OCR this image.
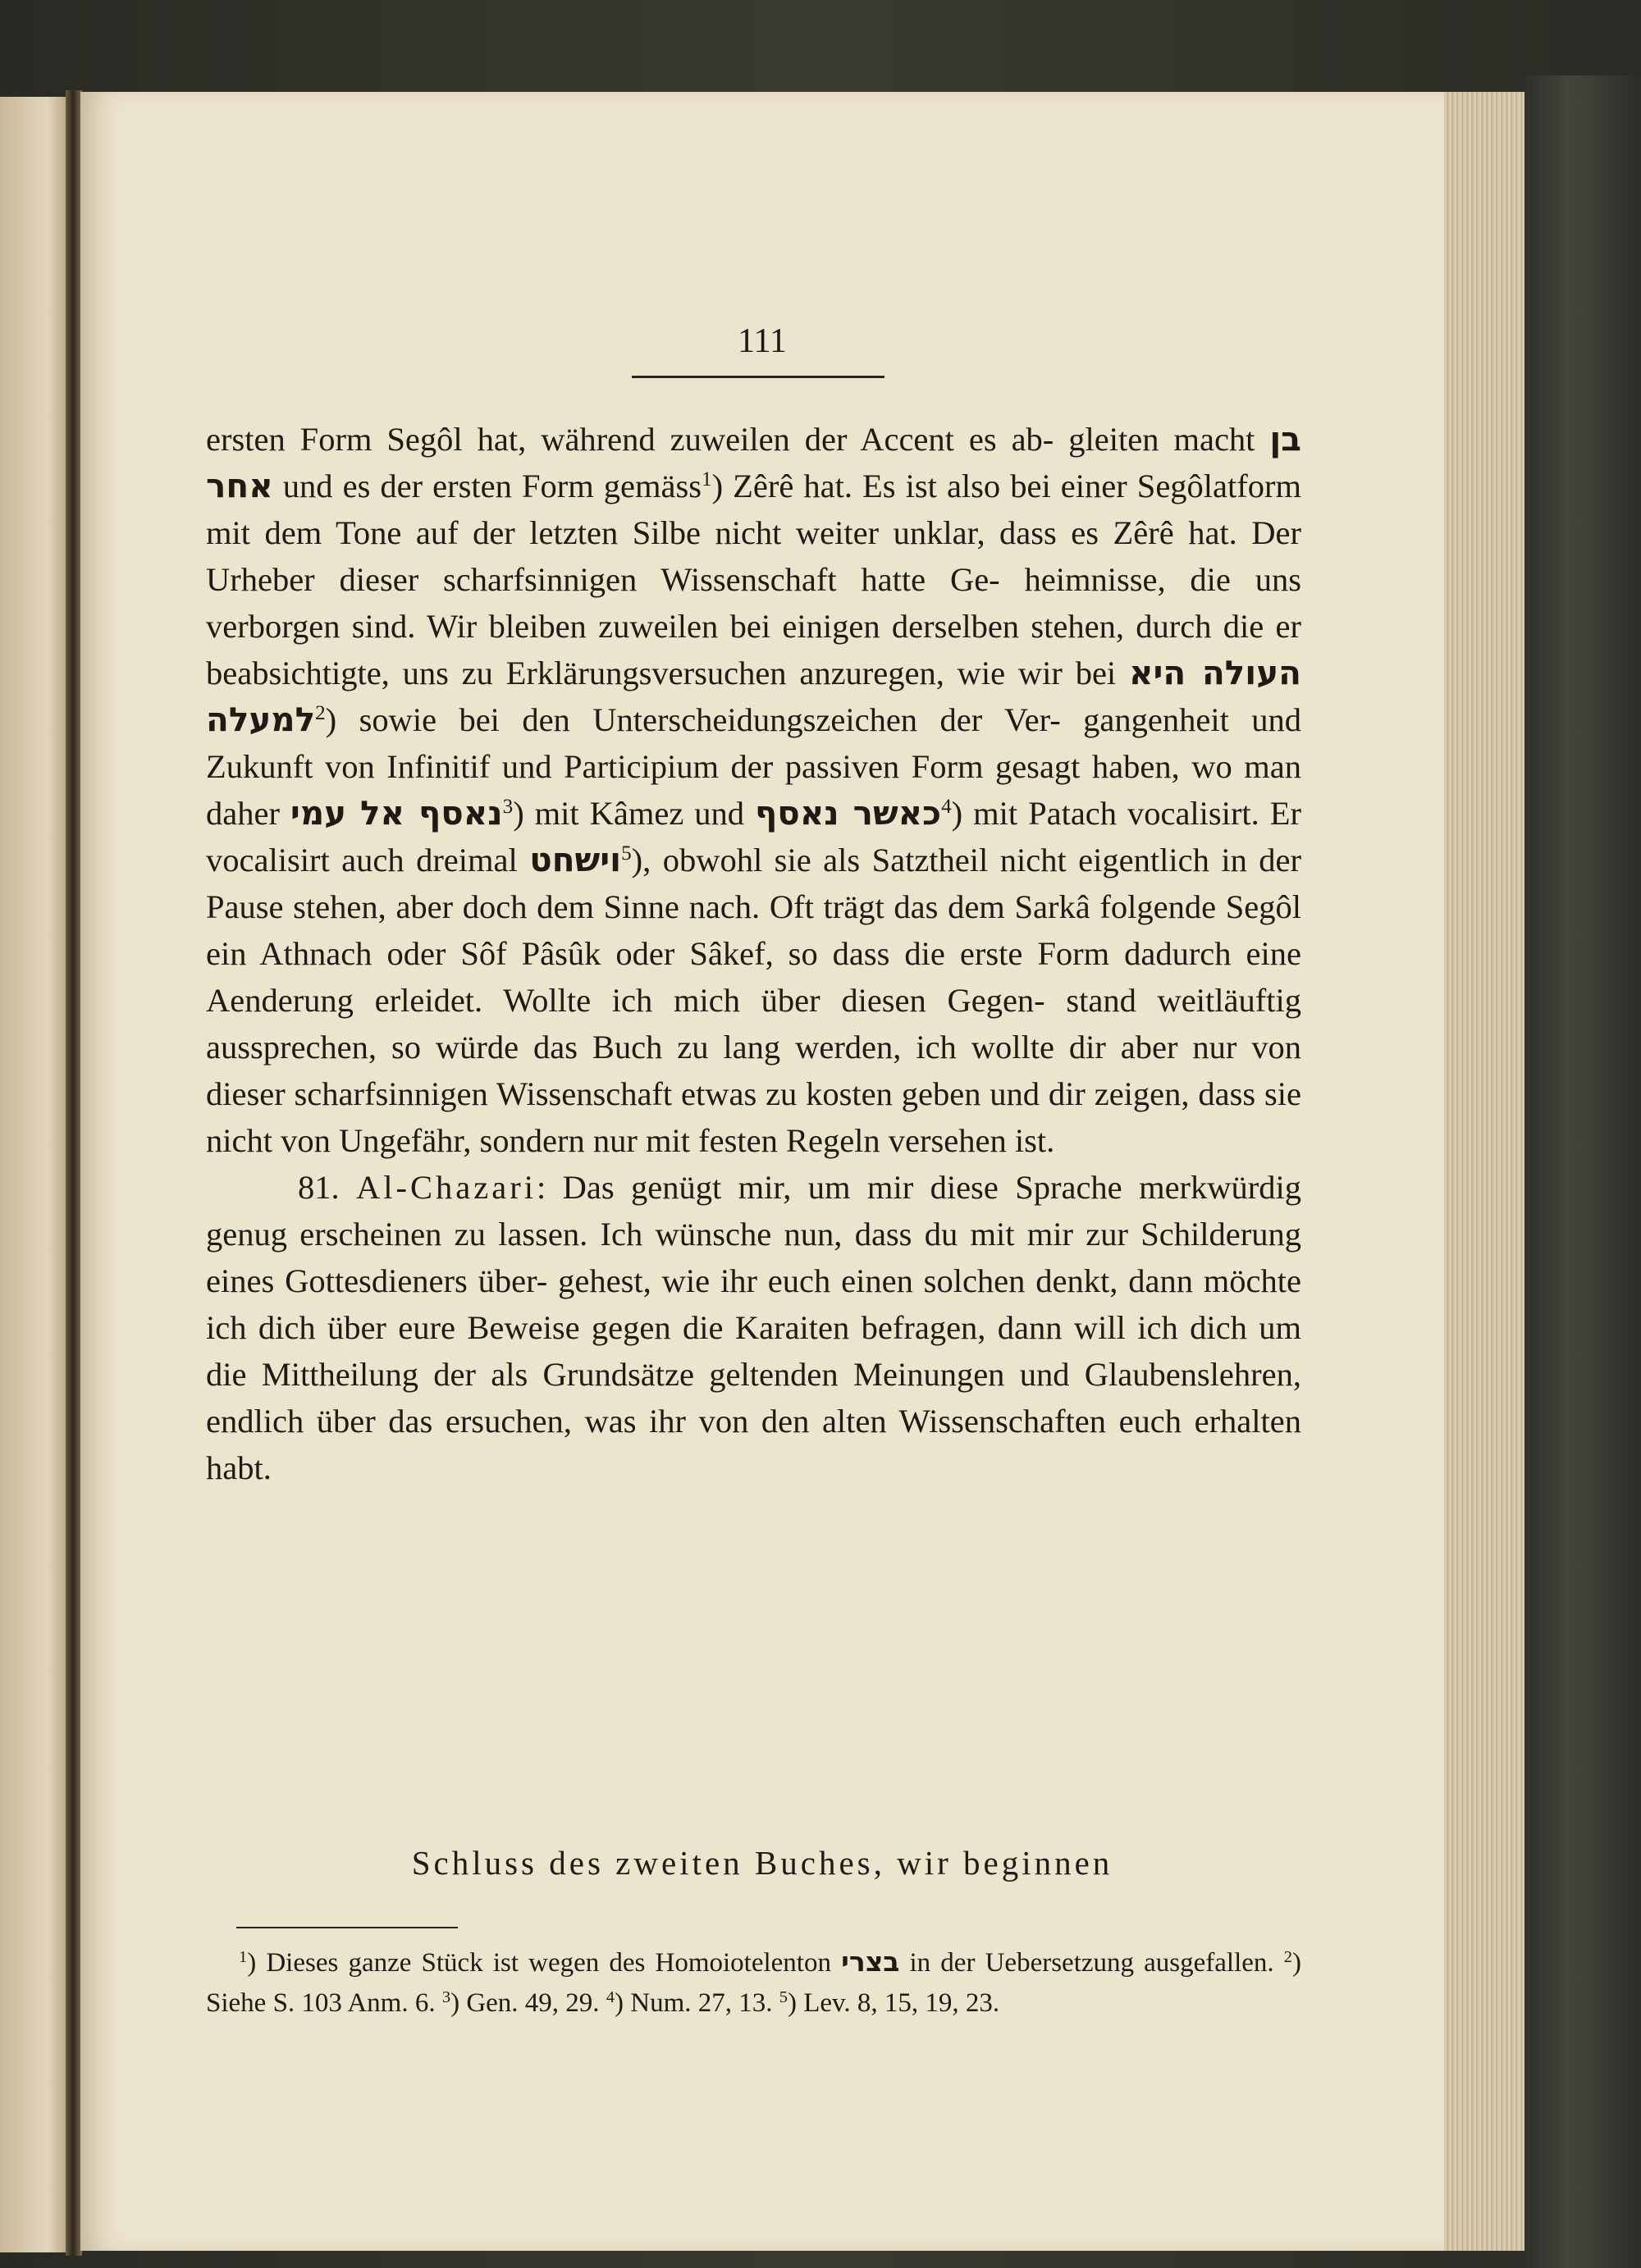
111

ersten Form Segôl hat, während zuweilen der Accent es ab- gleiten macht בן אחר und es der ersten Form gemäss$^1$) Zêrê hat. Es ist also bei einer Segôlatform mit dem Tone auf der letzten Silbe nicht weiter unklar, dass es Zêrê hat. Der Urheber dieser scharfsinnigen Wissenschaft hatte Ge- heimnisse, die uns verborgen sind. Wir bleiben zuweilen bei einigen derselben stehen, durch die er beabsichtigte, uns zu Erklärungsversuchen anzuregen, wie wir bei העולה היא למעלה$^2$) sowie bei den Unterscheidungszeichen der Ver- gangenheit und Zukunft von Infinitif und Participium der passiven Form gesagt haben, wo man daher נאסף אל עמי$^3$) mit Kâmez und כאשר נאסף$^4$) mit Patach vocalisirt. Er vocalisirt auch dreimal וישחט$^5$), obwohl sie als Satztheil nicht eigentlich in der Pause stehen, aber doch dem Sinne nach. Oft trägt das dem Sarkâ folgende Segôl ein Athnach oder Sôf Pâsûk oder Sâkef, so dass die erste Form dadurch eine Aenderung erleidet. Wollte ich mich über diesen Gegen- stand weitläuftig aussprechen, so würde das Buch zu lang werden, ich wollte dir aber nur von dieser scharfsinnigen Wissenschaft etwas zu kosten geben und dir zeigen, dass sie nicht von Ungefähr, sondern nur mit festen Regeln versehen ist.

81. Al-Chazari: Das genügt mir, um mir diese Sprache merkwürdig genug erscheinen zu lassen. Ich wünsche nun, dass du mit mir zur Schilderung eines Gottesdieners über- gehest, wie ihr euch einen solchen denkt, dann möchte ich dich über eure Beweise gegen die Karaiten befragen, dann will ich dich um die Mittheilung der als Grundsätze geltenden Meinungen und Glaubenslehren, endlich über das ersuchen, was ihr von den alten Wissenschaften euch erhalten habt.

Schluss des zweiten Buches, wir beginnen

$^1$) Dieses ganze Stück ist wegen des Homoiotelenton בצרי in der Uebersetzung ausgefallen. $^2$) Siehe S. 103 Anm. 6. $^3$) Gen. 49, 29. $^4$) Num. 27, 13. $^5$) Lev. 8, 15, 19, 23.
